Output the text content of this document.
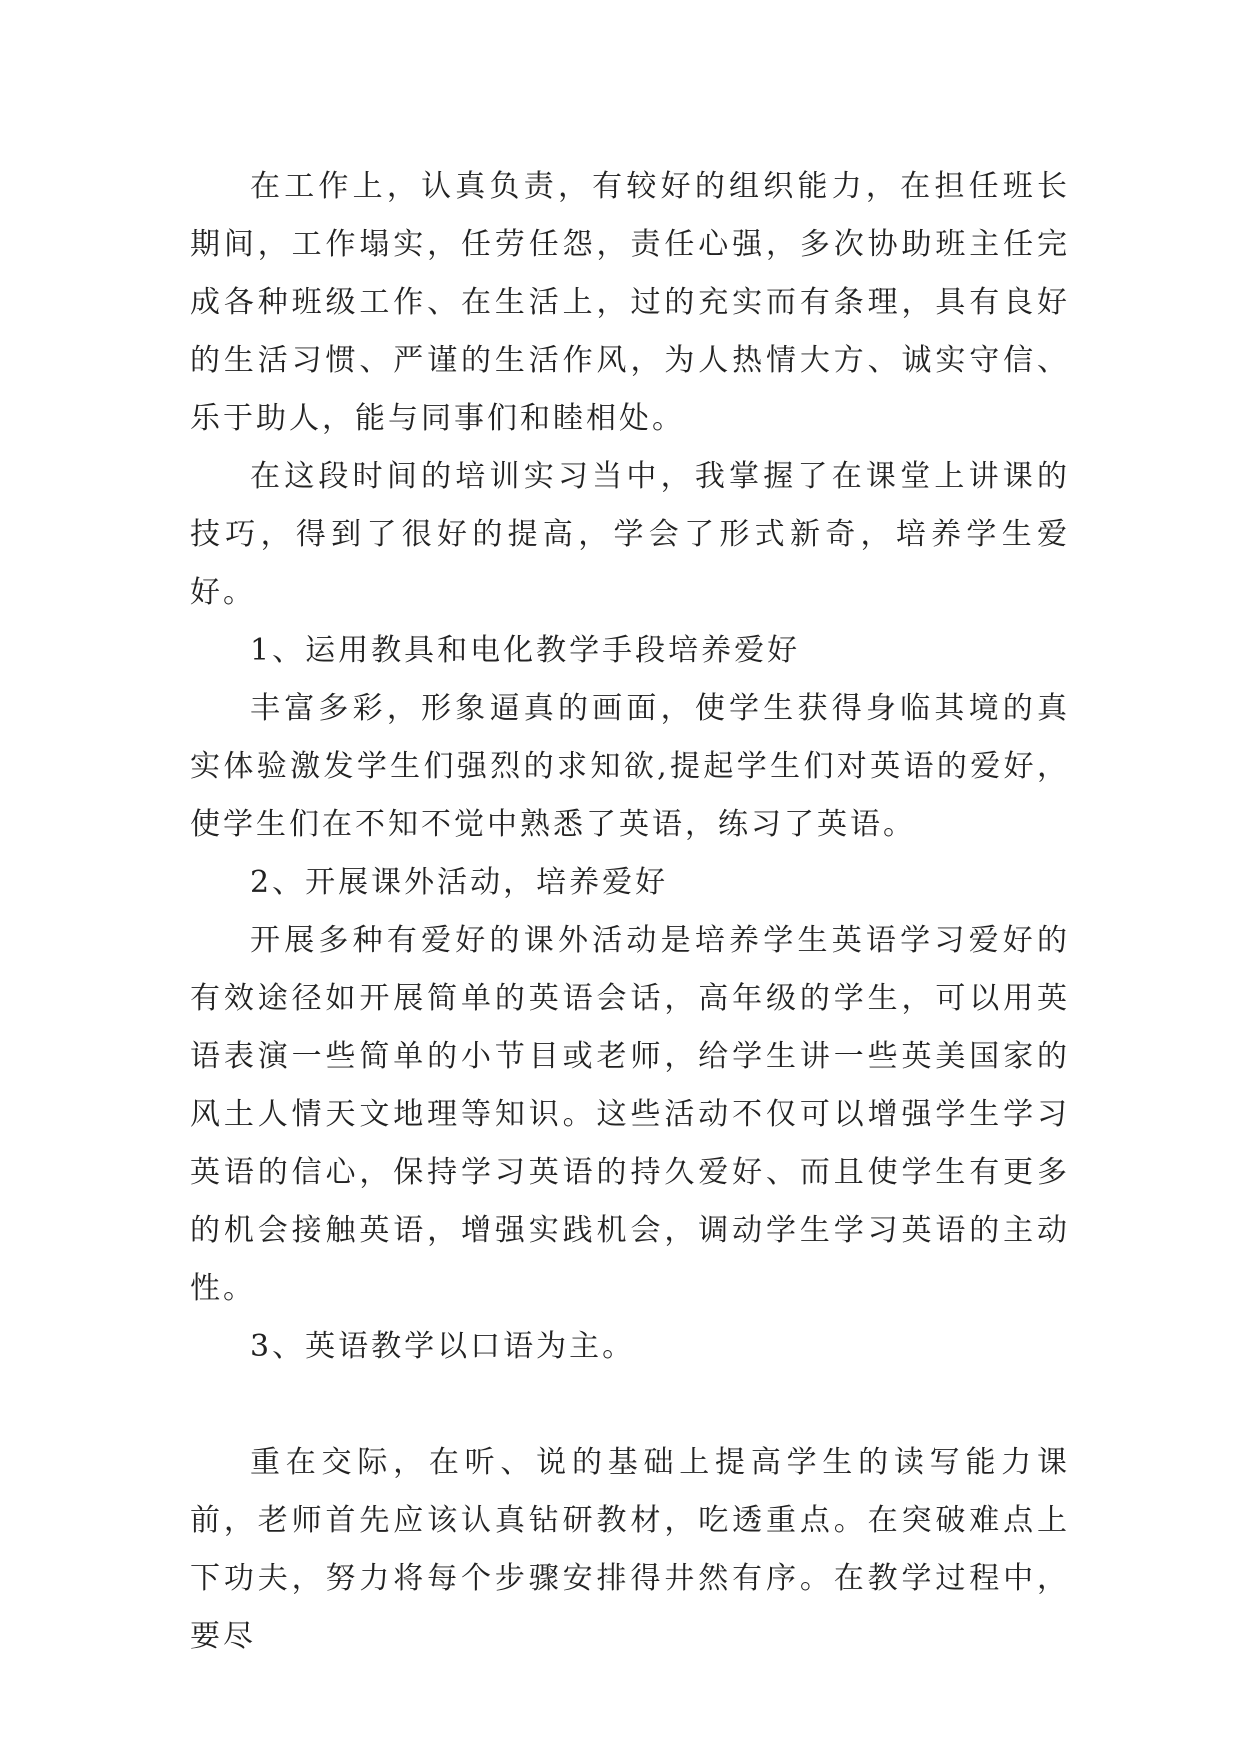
在工作上，认真负责，有较好的组织能力，在担任班长期间，工作塌实，任劳任怨，责任心强，多次协助班主任完成各种班级工作、在生活上，过的充实而有条理，具有良好的生活习惯、严谨的生活作风，为人热情大方、诚实守信、乐于助人，能与同事们和睦相处。

在这段时间的培训实习当中，我掌握了在课堂上讲课的技巧，得到了很好的提高，学会了形式新奇，培养学生爱好。

1、运用教具和电化教学手段培养爱好

丰富多彩，形象逼真的画面，使学生获得身临其境的真实体验激发学生们强烈的求知欲,提起学生们对英语的爱好，使学生们在不知不觉中熟悉了英语，练习了英语。

2、开展课外活动，培养爱好

开展多种有爱好的课外活动是培养学生英语学习爱好的有效途径如开展简单的英语会话，高年级的学生，可以用英语表演一些简单的小节目或老师，给学生讲一些英美国家的风土人情天文地理等知识。这些活动不仅可以增强学生学习英语的信心，保持学习英语的持久爱好、而且使学生有更多的机会接触英语，增强实践机会，调动学生学习英语的主动性。

3、英语教学以口语为主。

重在交际，在听、说的基础上提高学生的读写能力课前，老师首先应该认真钻研教材，吃透重点。在突破难点上下功夫，努力将每个步骤安排得井然有序。在教学过程中，要尽
